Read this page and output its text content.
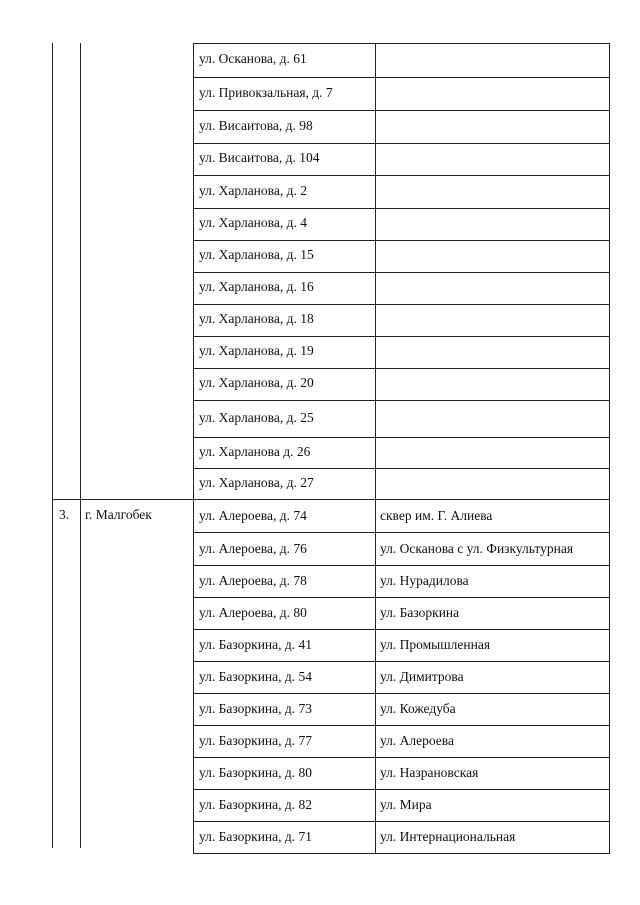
ул. Осканова, д. 61
ул. Привокзальная, д. 7
ул. Висаитова, д. 98
ул. Висаитова, д. 104
ул. Харланова, д. 2
ул. Харланова, д. 4
ул. Харланова, д. 15
ул. Харланова, д. 16
ул. Харланова, д. 18
ул. Харланова, д. 19
ул. Харланова, д. 20
ул. Харланова, д. 25
ул. Харланова д. 26
ул. Харланова, д. 27
3. г. Малгобек	ул. Алероева, д. 74	сквер им. Г. Алиева
ул. Алероева, д. 76	ул. Осканова с ул. Физкультурная
ул. Алероева, д. 78	ул. Нурадилова
ул. Алероева, д. 80	ул. Базоркина
ул. Базоркина, д. 41	ул. Промышленная
ул. Базоркина, д. 54	ул. Димитрова
ул. Базоркина, д. 73	ул. Кожедуба
ул. Базоркина, д. 77	ул. Алероева
ул. Базоркина, д. 80	ул. Назрановская
ул. Базоркина, д. 82	ул. Мира
ул. Базоркина, д. 71	ул. Интернациональная
